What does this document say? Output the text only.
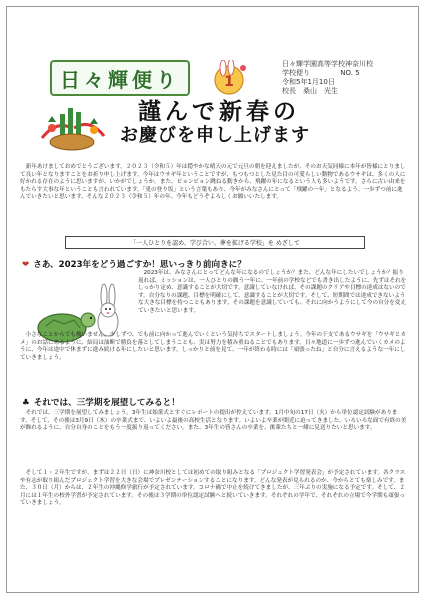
日々輝便り	1
日々輝学園高等学校神奈川校
学校便り	NO. 5
令和5年1月10日
校長　桑山　光生
謹んで新春の
お慶びを申し上げます
新年あけましておめでとうございます。２０２３（令和５）年は穏やかな晴天の元で元旦の朝を迎えましたが、そのお天気同様に本年が皆様にとりまして良い年となりますことをお祈り申し上げます。今年はウサギ年ということですが、もつもつとした見た目の可愛らしい動物であるウサギは、多くの人に好かれる存在のように思いますが、いかがでしょうか。また、ピョンピョン跳ねる動きから、飛躍の年になるという人も多いようです。さらに古い由来をもたらす大事な年ということも言われています。「兎の登り坂」という言葉もあり、今年がみなさんにとって「飛躍の一年」となるよう、一歩ずつ前に進んでいきたいと思います。そんな２０２３（令和５）年の年、今年もどうぞよろしくお願いいたします。
「一人ひとりを認め、学び合い、夢を拡げる学校」を めざして
❤ さあ、2023年をどう過ごすか！思いっきり前向きに？
2023年は、みなさんにとってどんな年になるのでしょうか？また、どんな年にしたいでしょうか？振り返れば、ミッションは、一人ひとりの願う一年に、一年前の学校などでも書き出したように、先ずはそれをしっかり定め、意識することが大切です。意識していなければ、その課題のクリアや目標の達成はないのです。自分なりの課題、目標を明確にして、意識することが大切です。そして、短期間では達成できないような大きな目標を持つこともあります。その課題を意識していても、それに向かうようにして今の自分を変えていきたいと思います。
小さなことからでも構いません。少しずつ、でも前に向かって進んでいくという気持ちでスタートしましょう。今年の干支であるウサギを「ウサギとカメ」のお話にあるように、結局は油断で勝負を落としてしまうことも、実は努力を積み重ねることでもあります。日々地道に一歩ずつ進んでいくカメのように、今年は途中で休まずに進み続ける年にしたいと思います。しっかりと前を見て、一年が終わる時には「頑張ったね」と自分に言えるような一年にしていきましょう。
♣ それでは、三学期を展望してみると！
それでは、三学期を展望してみましょう。3年生は始業式とすぐにレポートの提出が控えています。1月中旬の17日（火）から単位認定試験があります。そして、その後は3月9日（木）の卒業式まで、いよいよ最後の高校生活となります。いよいよ卒業が間近に迫ってきました。いろいろな面で有終の美が飾れるように、自分自身のことをもう一度振り返ってください。また、3年生の皆さんの卒業を、後輩たちと一緒に見送りたいと思います。
そして１・２年生ですが、まずは２２日（日）に神奈川校としては初めての取り組みとなる「プロジェクト学習発表会」が予定されています。各クラスや有志が取り組んだプロジェクト学習を大きな会場でプレゼンテーションすることになります。どんな発表が見られるのか、今からとても楽しみです。また、３０日（月）からは、２年生の沖縄修学旅行が予定されています。コロナ禍で中止を続けてきましたが、三年ぶりの実施になる予定です。そして、２月には１年生の校外学習が予定されています。その後は３学期の単位認定試験へと続いていきます。それぞれの学年で、それぞれの立場で今学期も頑張っていきましょう。
